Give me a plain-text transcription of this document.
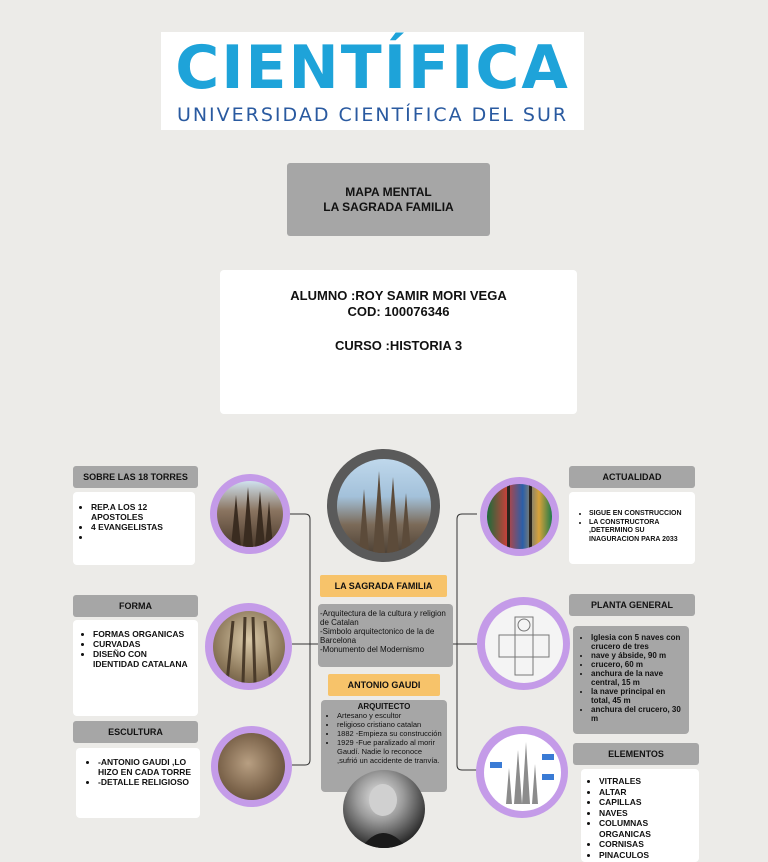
CIENTÍFICA
UNIVERSIDAD CIENTÍFICA DEL SUR
MAPA MENTAL
LA SAGRADA FAMILIA
ALUMNO :ROY SAMIR MORI VEGA
COD: 100076346
CURSO :HISTORIA 3
SOBRE LAS 18 TORRES
• REP.A LOS 12 APOSTOLES
• 4 EVANGELISTAS
•
FORMA
• FORMAS ORGANICAS
• CURVADAS
• DISEÑO CON IDENTIDAD CATALANA
ESCULTURA
• -ANTONIO GAUDI ,LO HIZO EN CADA TORRE
• -DETALLE RELIGIOSO
LA SAGRADA FAMILIA
-Arquitectura de la cultura y religion de Catalan
-Simbolo arquitectonico de la de Barcelona
-Monumento del Modernismo
ANTONIO GAUDI
ARQUITECTO
• Artesano y escultor
• religioso cristiano catalan
• 1882 -Empieza su construcción
• 1929 -Fue paralizado al morir Gaudí. Nadie lo reconoce ,sufrió un accidente de tranvía.
ACTUALIDAD
• SIGUE EN CONSTRUCCION
• LA CONSTRUCTORA ,DETERMINO SU INAGURACION PARA 2033
PLANTA GENERAL
• Iglesia con 5 naves con crucero de tres
• nave y ábside, 90 m
• crucero, 60 m
• anchura de la nave central, 15 m
• la nave principal en total, 45 m
• anchura del crucero, 30 m
ELEMENTOS
• VITRALES
• ALTAR
• CAPILLAS
• NAVES
• COLUMNAS ORGANICAS
• CORNISAS
• PINACULOS
